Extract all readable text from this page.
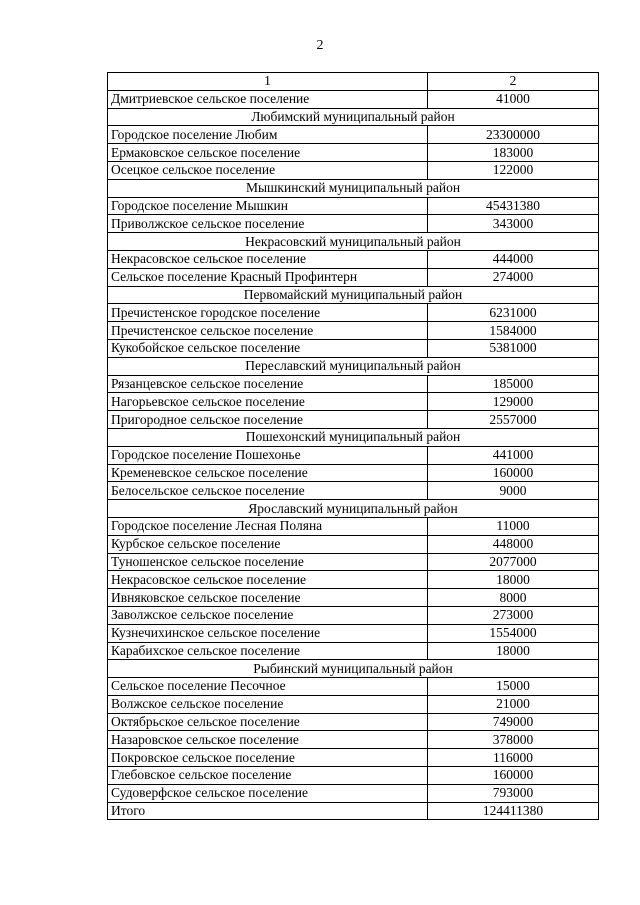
2
1	2
Дмитриевское сельское поселение	41000
Любимский муниципальный район	
Городское поселение Любим	23300000
Ермаковское сельское поселение	183000
Осецкое сельское поселение	122000
Мышкинский муниципальный район	
Городское поселение Мышкин	45431380
Приволжское сельское поселение	343000
Некрасовский муниципальный район	
Некрасовское сельское поселение	444000
Сельское поселение Красный Профинтерн	274000
Первомайский муниципальный район	
Пречистенское городское поселение	6231000
Пречистенское сельское поселение	1584000
Кукобойское сельское поселение	5381000
Переславский муниципальный район	
Рязанцевское сельское поселение	185000
Нагорьевское сельское поселение	129000
Пригородное сельское поселение	2557000
Пошехонский муниципальный район	
Городское поселение Пошехонье	441000
Кременевское сельское поселение	160000
Белосельское сельское поселение	9000
Ярославский муниципальный район	
Городское поселение Лесная Поляна	11000
Курбское сельское поселение	448000
Туношенское сельское поселение	2077000
Некрасовское сельское поселение	18000
Ивняковское сельское поселение	8000
Заволжское сельское поселение	273000
Кузнечихинское сельское поселение	1554000
Карабихское сельское поселение	18000
Рыбинский муниципальный район	
Сельское поселение Песочное	15000
Волжское сельское поселение	21000
Октябрьское сельское поселение	749000
Назаровское сельское поселение	378000
Покровское сельское поселение	116000
Глебовское сельское поселение	160000
Судоверфское сельское поселение	793000
Итого	124411380
